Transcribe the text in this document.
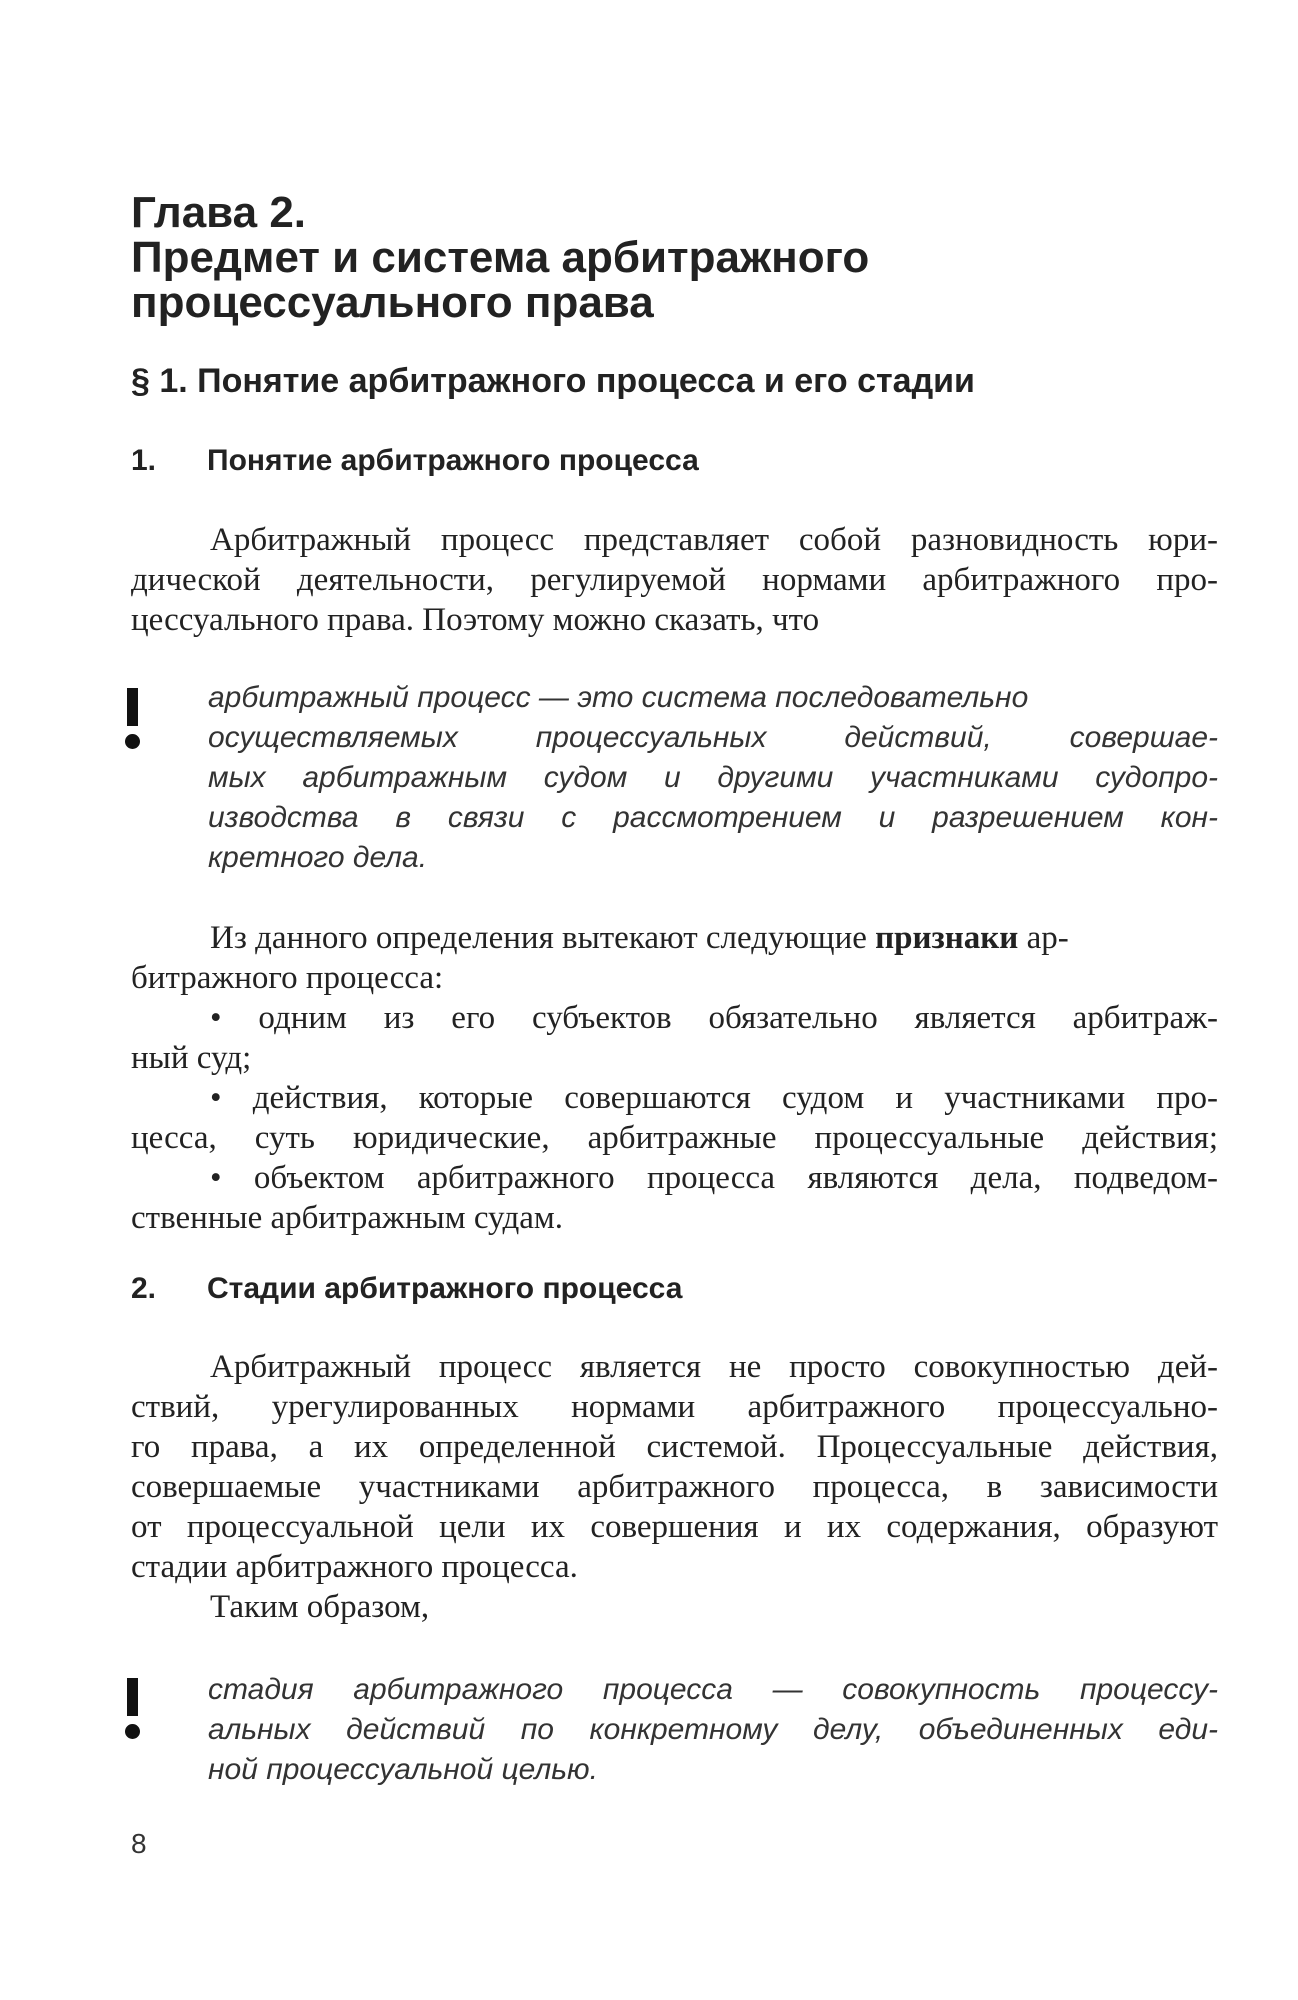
Глава 2.
Предмет и система арбитражного
процессуального права
§ 1. Понятие арбитражного процесса и его стадии
1. Понятие арбитражного процесса
Арбитражный процесс представляет собой разновидность юри-
дической деятельности, регулируемой нормами арбитражного про-
цессуального права. Поэтому можно сказать, что
арбитражный процесс — это система последовательно
осуществляемых процессуальных действий, совершае-
мых арбитражным судом и другими участниками судопро-
изводства в связи с рассмотрением и разрешением кон-
кретного дела.
Из данного определения вытекают следующие признаки ар-
битражного процесса:
• одним из его субъектов обязательно является арбитраж-
ный суд;
• действия, которые совершаются судом и участниками про-
цесса, суть юридические, арбитражные процессуальные действия;
• объектом арбитражного процесса являются дела, подведом-
ственные арбитражным судам.
2. Стадии арбитражного процесса
Арбитражный процесс является не просто совокупностью дей-
ствий, урегулированных нормами арбитражного процессуально-
го права, а их определенной системой. Процессуальные действия,
совершаемые участниками арбитражного процесса, в зависимости
от процессуальной цели их совершения и их содержания, образуют
стадии арбитражного процесса.
Таким образом,
стадия арбитражного процесса — совокупность процессу-
альных действий по конкретному делу, объединенных еди-
ной процессуальной целью.
8
